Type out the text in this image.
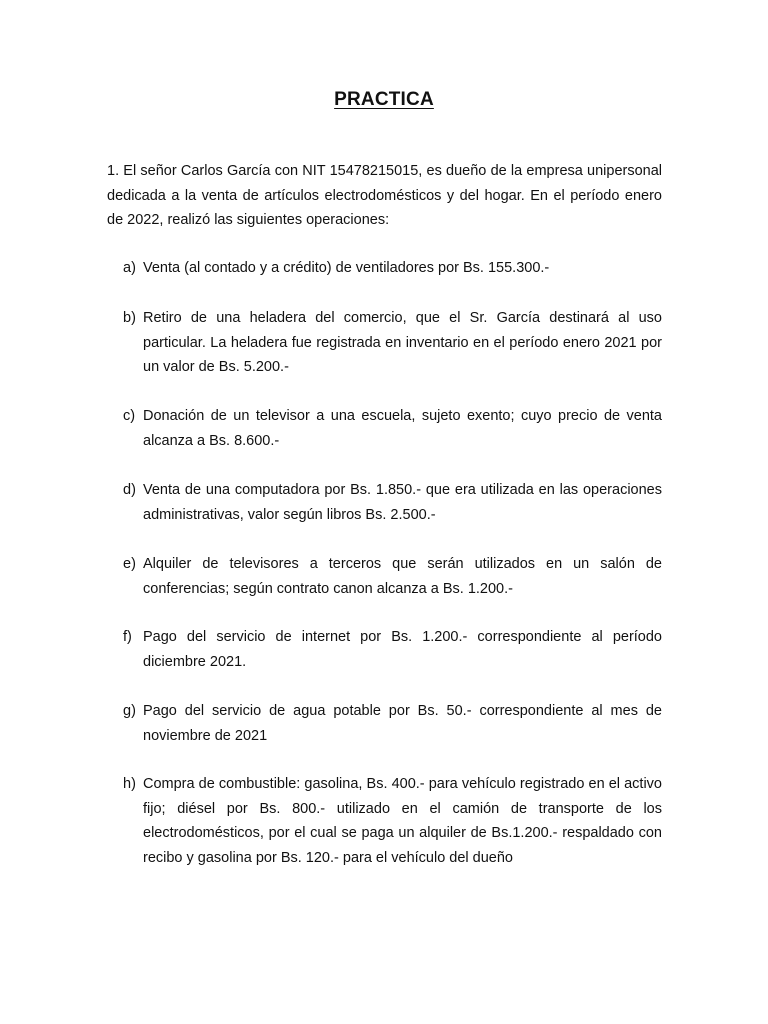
PRACTICA
1. El señor Carlos García con NIT 15478215015, es dueño de la empresa unipersonal dedicada a la venta de artículos electrodomésticos y del hogar. En el período enero de 2022, realizó las siguientes operaciones:
a) Venta (al contado y a crédito) de ventiladores por Bs. 155.300.-
b) Retiro de una heladera del comercio, que el Sr. García destinará al uso particular. La heladera fue registrada en inventario en el período enero 2021 por un valor de Bs. 5.200.-
c) Donación de un televisor a una escuela, sujeto exento; cuyo precio de venta alcanza a Bs. 8.600.-
d) Venta de una computadora por Bs. 1.850.- que era utilizada en las operaciones administrativas, valor según libros Bs. 2.500.-
e) Alquiler de televisores a terceros que serán utilizados en un salón de conferencias; según contrato canon alcanza a Bs. 1.200.-
f) Pago del servicio de internet por Bs. 1.200.- correspondiente al período diciembre 2021.
g) Pago del servicio de agua potable por Bs. 50.- correspondiente al mes de noviembre de 2021
h) Compra de combustible: gasolina, Bs. 400.- para vehículo registrado en el activo fijo; diésel por Bs. 800.- utilizado en el camión de transporte de los electrodomésticos, por el cual se paga un alquiler de Bs.1.200.- respaldado con recibo y gasolina por Bs. 120.- para el vehículo del dueño
